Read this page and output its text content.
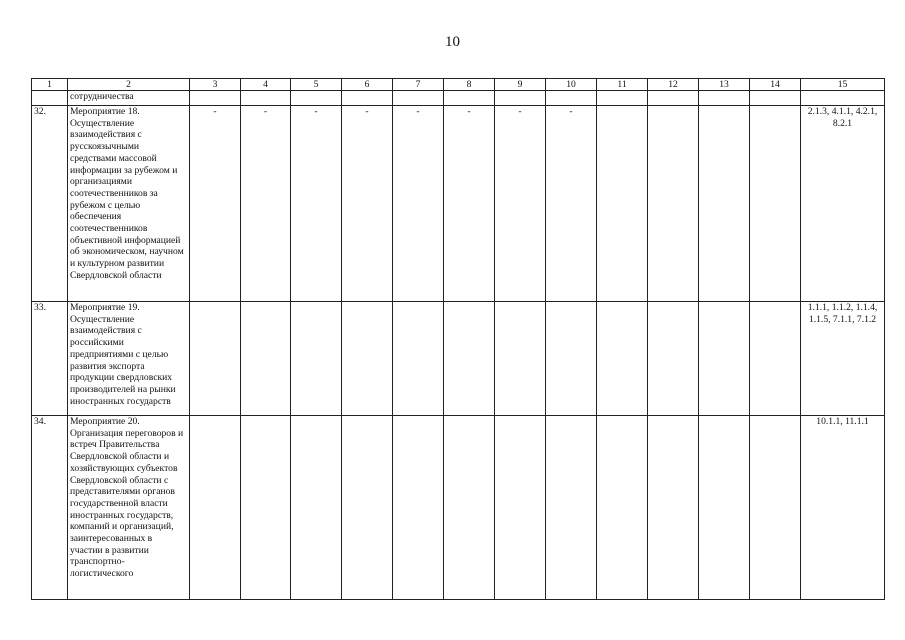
10
1	2	3	4	5	6	7	8	9	10	11	12	13	14	15
	сотрудничества													
32.	Мероприятие 18. Осуществление взаимодействия с русскоязычными средствами массовой информации за рубежом и организациями соотечественников за рубежом с целью обеспечения соотечественников объективной информацией об экономическом, научном и культурном развитии Свердловской области	-	-	-	-	-	-	-	-					2.1.3, 4.1.1, 4.2.1, 8.2.1
33.	Мероприятие 19. Осуществление взаимодействия с российскими предприятиями с целью развития экспорта продукции свердловских производителей на рынки иностранных государств													1.1.1, 1.1.2, 1.1.4, 1.1.5, 7.1.1, 7.1.2
34.	Мероприятие 20. Организация переговоров и встреч Правительства Свердловской области и хозяйствующих субъектов Свердловской области с представителями органов государственной власти иностранных государств, компаний и организаций, заинтересованных в участии в развитии транспортно-логистического													10.1.1, 11.1.1
